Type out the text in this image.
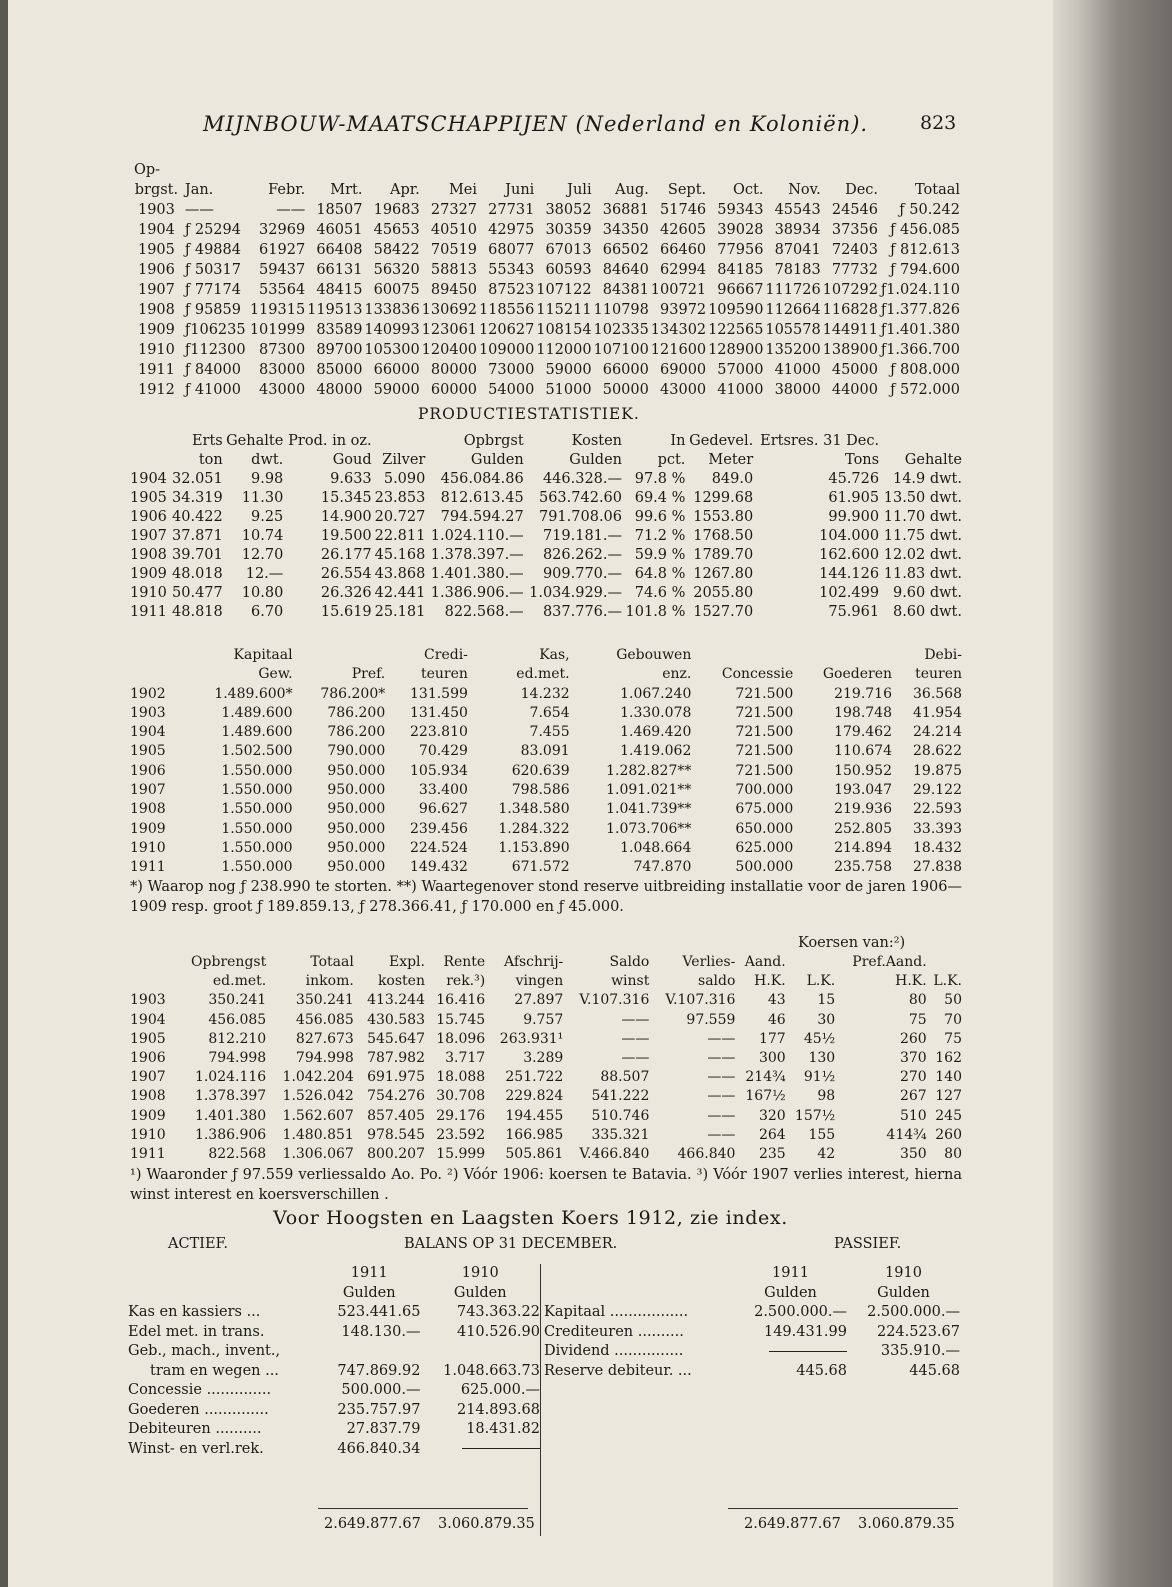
MIJNBOUW-MAATSCHAPPIJEN (Nederland en Koloniën).	823
Op-													
brgst.	Jan.	Febr.	Mrt.	Apr.	Mei	Juni	Juli	Aug.	Sept.	Oct.	Nov.	Dec.	Totaal
1903	——	——	18507	19683	27327	27731	38052	36881	51746	59343	45543	24546	ƒ 50.242
1904	ƒ 25294	32969	46051	45653	40510	42975	30359	34350	42605	39028	38934	37356	ƒ 456.085
1905	ƒ 49884	61927	66408	58422	70519	68077	67013	66502	66460	77956	87041	72403	ƒ 812.613
1906	ƒ 50317	59437	66131	56320	58813	55343	60593	84640	62994	84185	78183	77732	ƒ 794.600
1907	ƒ 77174	53564	48415	60075	89450	87523	107122	84381	100721	96667	111726	107292	ƒ1.024.110
1908	ƒ 95859	119315	119513	133836	130692	118556	115211	110798	93972	109590	112664	116828	ƒ1.377.826
1909	ƒ106235	101999	83589	140993	123061	120627	108154	102335	134302	122565	105578	144911	ƒ1.401.380
1910	ƒ112300	87300	89700	105300	120400	109000	112000	107100	121600	128900	135200	138900	ƒ1.366.700
1911	ƒ 84000	83000	85000	66000	80000	73000	59000	66000	69000	57000	41000	45000	ƒ 808.000
1912	ƒ 41000	43000	48000	59000	60000	54000	51000	50000	43000	41000	38000	44000	ƒ 572.000
PRODUCTIESTATISTIEK.
	Erts	Gehalte	Prod. in oz.		Opbrgst	Kosten	In	Gedevel.	Ertsres. 31 Dec.	
	ton	dwt.	Goud	Zilver	Gulden	Gulden	pct.	Meter	Tons	Gehalte
1904	32.051	9.98	9.633	5.090	456.084.86	446.328.—	97.8 %	849.0	45.726	14.9 dwt.
1905	34.319	11.30	15.345	23.853	812.613.45	563.742.60	69.4 %	1299.68	61.905	13.50 dwt.
1906	40.422	9.25	14.900	20.727	794.594.27	791.708.06	99.6 %	1553.80	99.900	11.70 dwt.
1907	37.871	10.74	19.500	22.811	1.024.110.—	719.181.—	71.2 %	1768.50	104.000	11.75 dwt.
1908	39.701	12.70	26.177	45.168	1.378.397.—	826.262.—	59.9 %	1789.70	162.600	12.02 dwt.
1909	48.018	12.—	26.554	43.868	1.401.380.—	909.770.—	64.8 %	1267.80	144.126	11.83 dwt.
1910	50.477	10.80	26.326	42.441	1.386.906.—	1.034.929.—	74.6 %	2055.80	102.499	9.60 dwt.
1911	48.818	6.70	15.619	25.181	822.568.—	837.776.—	101.8 %	1527.70	75.961	8.60 dwt.
	Kapitaal		Credi-	Kas,	Gebouwen			Debi-
	Gew.	Pref.	teuren	ed.met.	enz.	Concessie	Goederen	teuren
1902	1.489.600*	786.200*	131.599	14.232	1.067.240	721.500	219.716	36.568
1903	1.489.600	786.200	131.450	7.654	1.330.078	721.500	198.748	41.954
1904	1.489.600	786.200	223.810	7.455	1.469.420	721.500	179.462	24.214
1905	1.502.500	790.000	70.429	83.091	1.419.062	721.500	110.674	28.622
1906	1.550.000	950.000	105.934	620.639	1.282.827**	721.500	150.952	19.875
1907	1.550.000	950.000	33.400	798.586	1.091.021**	700.000	193.047	29.122
1908	1.550.000	950.000	96.627	1.348.580	1.041.739**	675.000	219.936	22.593
1909	1.550.000	950.000	239.456	1.284.322	1.073.706**	650.000	252.805	33.393
1910	1.550.000	950.000	224.524	1.153.890	1.048.664	625.000	214.894	18.432
1911	1.550.000	950.000	149.432	671.572	747.870	500.000	235.758	27.838
*) Waarop nog ƒ 238.990 te storten. **) Waartegenover stond reserve uitbreiding installatie voor de jaren 1906—1909 resp. groot ƒ 189.859.13, ƒ 278.366.41, ƒ 170.000 en ƒ 45.000.
Koersen van:²)
	Opbrengst	Totaal	Expl.	Rente	Afschrij-	Saldo	Verlies-	Aand.		Pref.Aand.	
	ed.met.	inkom.	kosten	rek.³)	vingen	winst	saldo	H.K.	L.K.	H.K.	L.K.
1903	350.241	350.241	413.244	16.416	27.897	V.107.316	V.107.316	43	15	80	50
1904	456.085	456.085	430.583	15.745	9.757	——	97.559	46	30	75	70
1905	812.210	827.673	545.647	18.096	263.931¹	——	——	177	45½	260	75
1906	794.998	794.998	787.982	3.717	3.289	——	——	300	130	370	162
1907	1.024.116	1.042.204	691.975	18.088	251.722	88.507	——	214¾	91½	270	140
1908	1.378.397	1.526.042	754.276	30.708	229.824	541.222	——	167½	98	267	127
1909	1.401.380	1.562.607	857.405	29.176	194.455	510.746	——	320	157½	510	245
1910	1.386.906	1.480.851	978.545	23.592	166.985	335.321	——	264	155	414¾	260
1911	822.568	1.306.067	800.207	15.999	505.861	V.466.840	466.840	235	42	350	80
¹) Waaronder ƒ 97.559 verliessaldo Ao. Po. ²) Vóór 1906: koersen te Batavia. ³) Vóór 1907 verlies interest, hierna winst interest en koersverschillen .
Voor Hoogsten en Laagsten Koers 1912, zie index.
ACTIEF.	BALANS OP 31 DECEMBER.	PASSIEF.
	1911	1910
	Gulden	Gulden
Kas en kassiers ...	523.441.65	743.363.22
Edel met. in trans.	148.130.—	410.526.90
Geb., mach., invent.,		
tram en wegen ...	747.869.92	1.048.663.73
Concessie ..............	500.000.—	625.000.—
Goederen ..............	235.757.97	214.893.68
Debiteuren ..........	27.837.79	18.431.82
Winst- en verl.rek.	466.840.34	
	1911	1910
	Gulden	Gulden
Kapitaal .................	2.500.000.—	2.500.000.—
Crediteuren ..........	149.431.99	224.523.67
Dividend ...............		335.910.—
Reserve debiteur. ...	445.68	445.68
2.649.877.67 3.060.879.35	2.649.877.67 3.060.879.35
